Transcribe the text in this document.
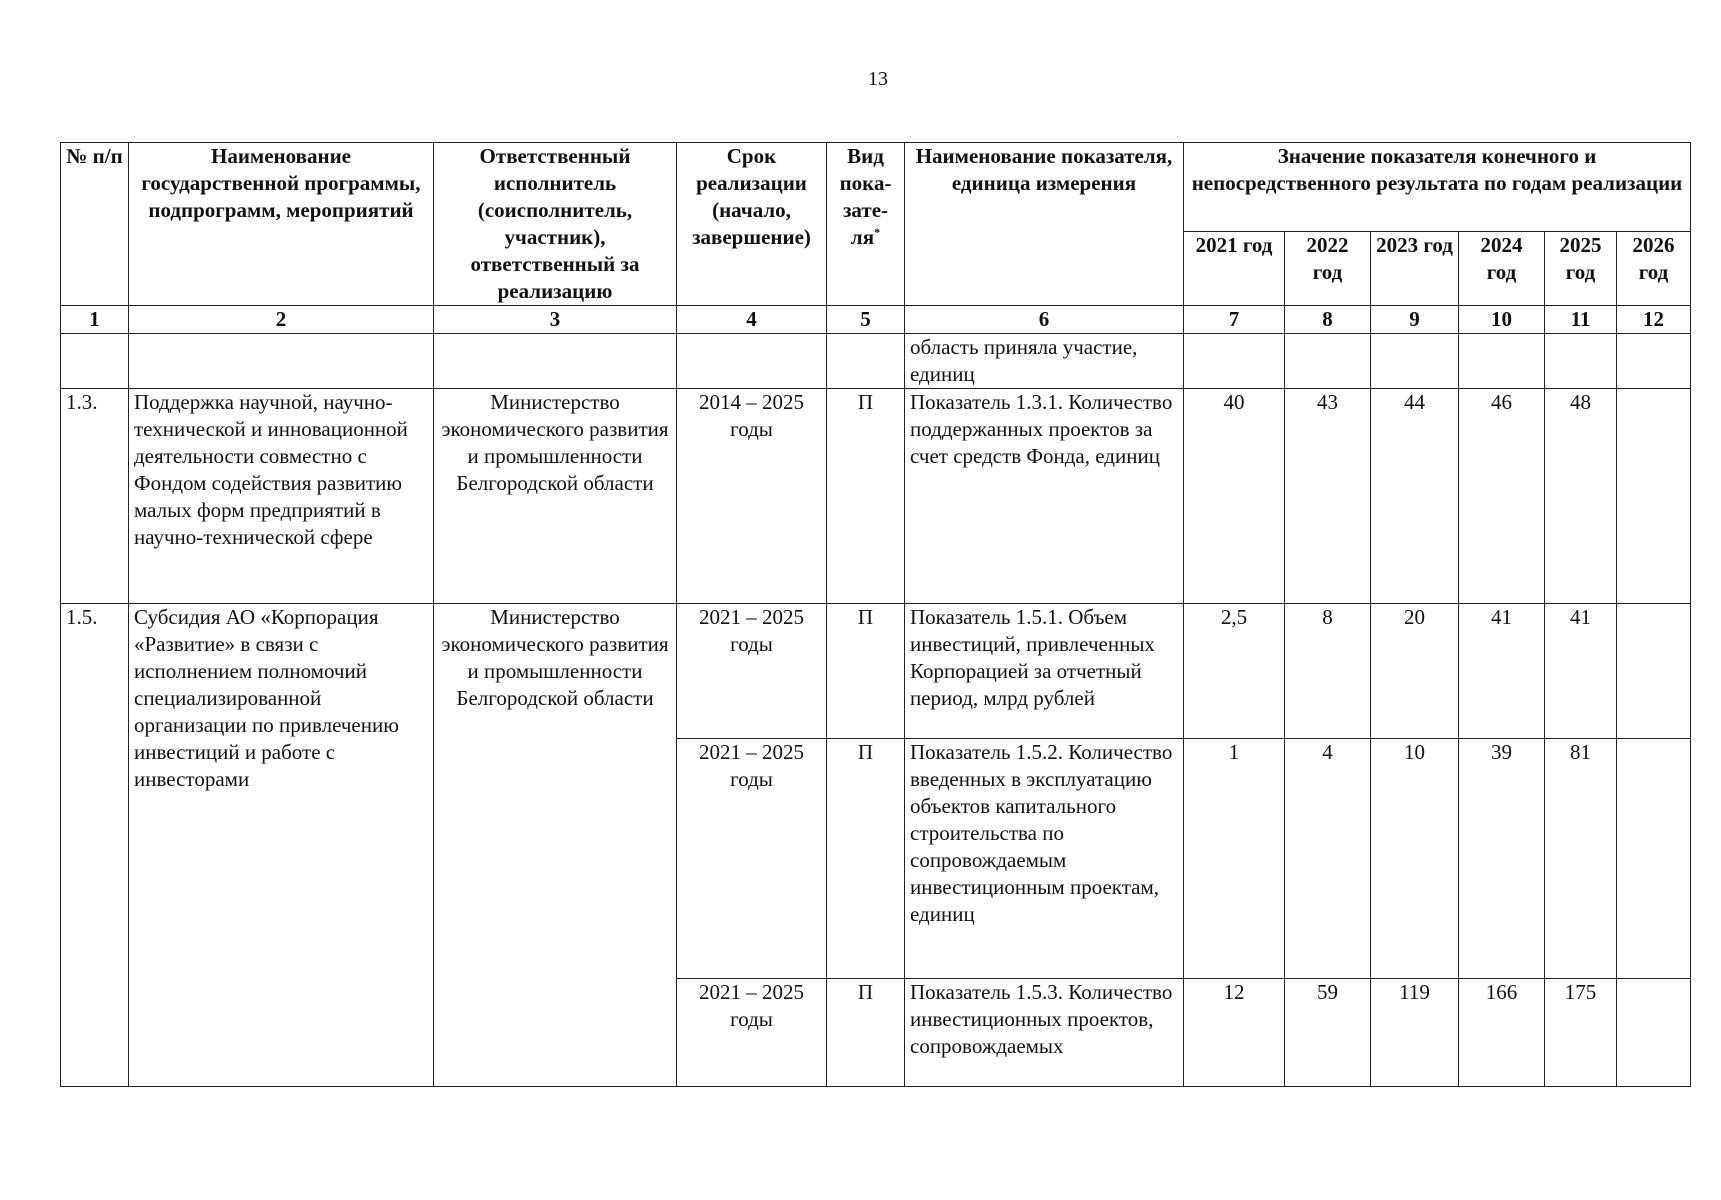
13
№ п/п	Наименование государственной программы, подпрограмм, мероприятий	Ответственный исполнитель (соисполнитель, участник), ответственный за реализацию	Срок реализации (начало, завершение)	Вид пока-зате-ля*	Наименование показателя, единица измерения	Значение показателя конечного и непосредственного результата по годам реализации					
						2021 год	2022 год	2023 год	2024 год	2025 год	2026 год
1	2	3	4	5	6	7	8	9	10	11	12
					область приняла участие, единиц						
1.3.	Поддержка научной, научно-технической и инновационной деятельности совместно с Фондом содействия развитию малых форм предприятий в научно-технической сфере	Министерство экономического развития и промышленности Белгородской области	2014 – 2025 годы	П	Показатель 1.3.1. Количество поддержанных проектов за счет средств Фонда, единиц	40	43	44	46	48	
1.5.	Субсидия АО «Корпорация «Развитие» в связи с исполнением полномочий специализированной организации по привлечению инвестиций и работе с инвесторами	Министерство экономического развития и промышленности Белгородской области	2021 – 2025 годы	П	Показатель 1.5.1. Объем инвестиций, привлеченных Корпорацией за отчетный период, млрд рублей	2,5	8	20	41	41	
			2021 – 2025 годы	П	Показатель 1.5.2. Количество введенных в эксплуатацию объектов капитального строительства по сопровождаемым инвестиционным проектам, единиц	1	4	10	39	81	
			2021 – 2025 годы	П	Показатель 1.5.3. Количество инвестиционных проектов, сопровождаемых	12	59	119	166	175	
